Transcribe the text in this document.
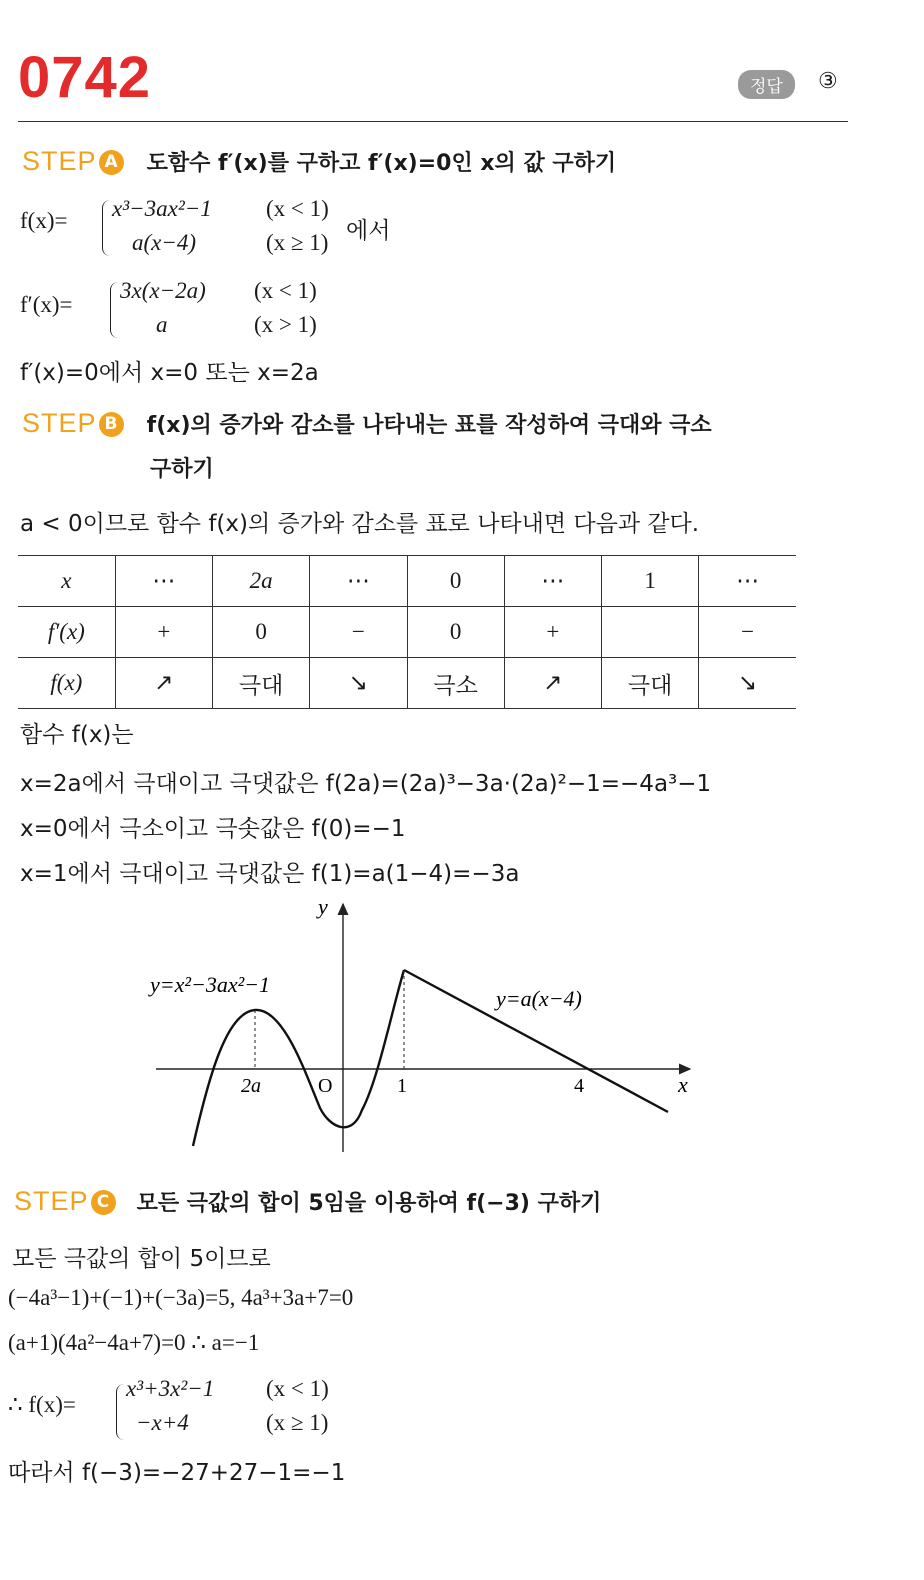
0742	정답	③
STEP A 도함수 f′(x)를 구하고 f′(x)=0인 x의 값 구하기
f(x)= x³−3ax²−1 (x < 1)
a(x−4)	(x ≥ 1) 에서
f′(x)=
3x(x−2a) (x < 1)
a	(x > 1)
f′(x)=0에서 x=0 또는 x=2a
STEP B f(x)의 증가와 감소를 나타내는 표를 작성하여 극대와 극소
구하기
a < 0이므로 함수 f(x)의 증가와 감소를 표로 나타내면 다음과 같다.
x	⋯	2a	⋯	0	⋯	1	⋯
f′(x)	+	0	−	0	+		−
f(x)	↗	극대	↘	극소	↗	극대	↘
함수 f(x)는
x=2a에서 극대이고 극댓값은 f(2a)=(2a)³−3a·(2a)²−1=−4a³−1
x=0에서 극소이고 극솟값은 f(0)=−1
x=1에서 극대이고 극댓값은 f(1)=a(1−4)=−3a
y
x
y=x²−3ax²−1
y=a(x−4)
2a	O	1	4
STEP C 모든 극값의 합이 5임을 이용하여 f(−3) 구하기
모든 극값의 합이 5이므로
(−4a³−1)+(−1)+(−3a)=5, 4a³+3a+7=0
(a+1)(4a²−4a+7)=0 ∴ a=−1
∴ f(x)=
x³+3x²−1 (x < 1)
−x+4	(x ≥ 1)
따라서 f(−3)=−27+27−1=−1
